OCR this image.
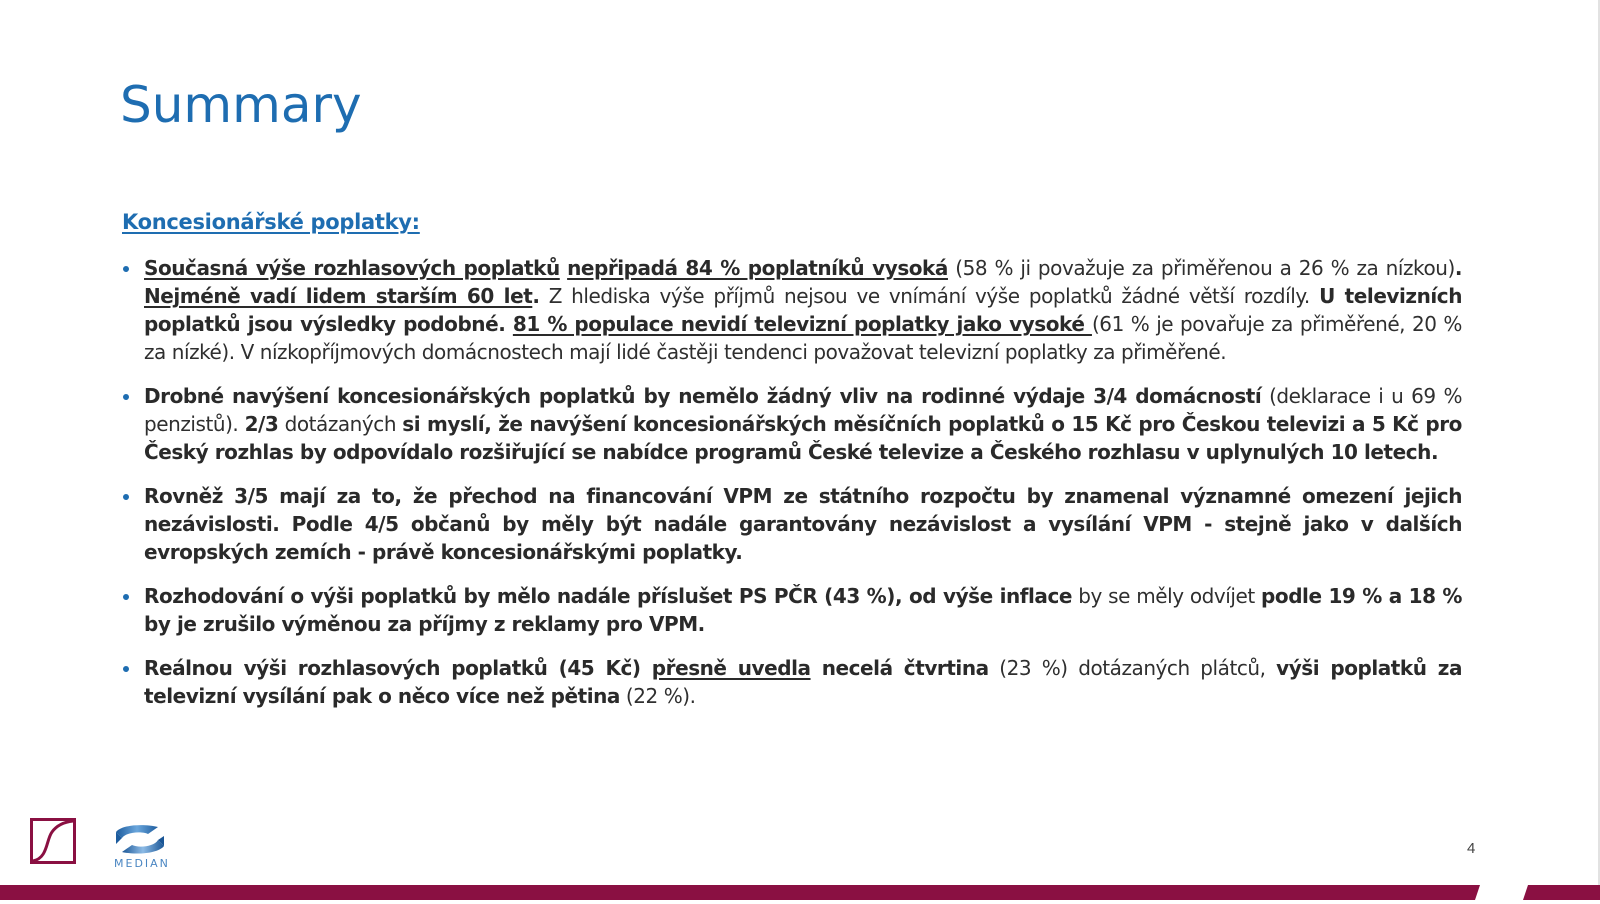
Summary
Koncesionářské poplatky:
Současná výše rozhlasových poplatků nepřipadá 84 % poplatníků vysoká (58 % ji považuje za přiměřenou a 26 % za nízkou). Nejméně vadí lidem starším 60 let. Z hlediska výše příjmů nejsou ve vnímání výše poplatků žádné větší rozdíly. U televizních poplatků jsou výsledky podobné. 81 % populace nevidí televizní poplatky jako vysoké (61 % je povařuje za přiměřené, 20 % za nízké). V nízkopříjmových domácnostech mají lidé častěji tendenci považovat televizní poplatky za přiměřené.
Drobné navýšení koncesionářských poplatků by nemělo žádný vliv na rodinné výdaje 3/4 domácností (deklarace i u 69 % penzistů). 2/3 dotázaných si myslí, že navýšení koncesionářských měsíčních poplatků o 15 Kč pro Českou televizi a 5 Kč pro Český rozhlas by odpovídalo rozšiřující se nabídce programů České televize a Českého rozhlasu v uplynulých 10 letech.
Rovněž 3/5 mají za to, že přechod na financování VPM ze státního rozpočtu by znamenal významné omezení jejich nezávislosti. Podle 4/5 občanů by měly být nadále garantovány nezávislost a vysílání VPM - stejně jako v dalších evropských zemích - právě koncesionářskými poplatky.
Rozhodování o výši poplatků by mělo nadále příslušet PS PČR (43 %), od výše inflace by se měly odvíjet podle 19 % a 18 % by je zrušilo výměnou za příjmy z reklamy pro VPM.
Reálnou výši rozhlasových poplatků (45 Kč) přesně uvedla necelá čtvrtina (23 %) dotázaných plátců, výši poplatků za televizní vysílání pak o něco více než pětina (22 %).
MEDIAN
4
